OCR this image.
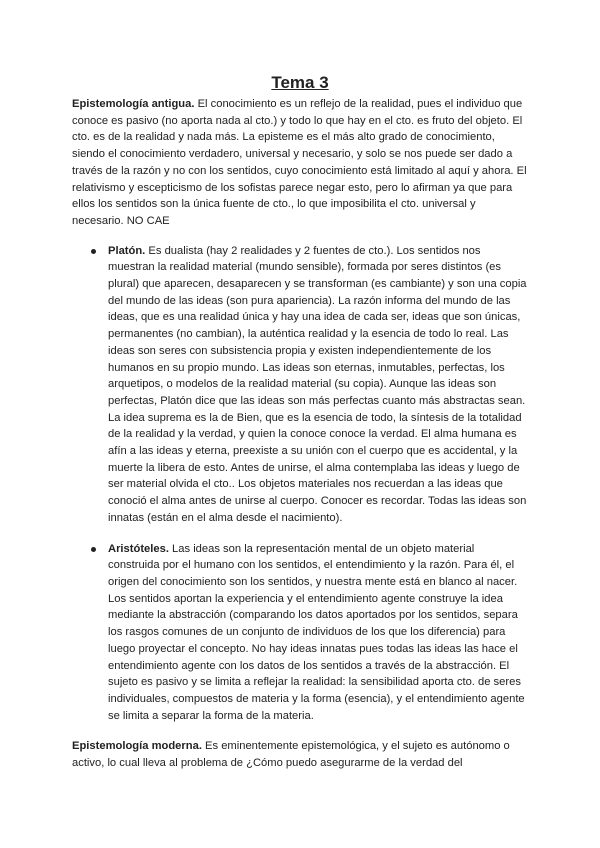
Tema 3

Epistemología antigua. El conocimiento es un reflejo de la realidad, pues el individuo que conoce es pasivo (no aporta nada al cto.) y todo lo que hay en el cto. es fruto del objeto. El cto. es de la realidad y nada más. La episteme es el más alto grado de conocimiento, siendo el conocimiento verdadero, universal y necesario, y solo se nos puede ser dado a través de la razón y no con los sentidos, cuyo conocimiento está limitado al aquí y ahora. El relativismo y escepticismo de los sofistas parece negar esto, pero lo afirman ya que para ellos los sentidos son la única fuente de cto., lo que imposibilita el cto. universal y necesario. NO CAE

Platón. Es dualista (hay 2 realidades y 2 fuentes de cto.). Los sentidos nos muestran la realidad material (mundo sensible), formada por seres distintos (es plural) que aparecen, desaparecen y se transforman (es cambiante) y son una copia del mundo de las ideas (son pura apariencia). La razón informa del mundo de las ideas, que es una realidad única y hay una idea de cada ser, ideas que son únicas, permanentes (no cambian), la auténtica realidad y la esencia de todo lo real. Las ideas son seres con subsistencia propia y existen independientemente de los humanos en su propio mundo. Las ideas son eternas, inmutables, perfectas, los arquetipos, o modelos de la realidad material (su copia). Aunque las ideas son perfectas, Platón dice que las ideas son más perfectas cuanto más abstractas sean. La idea suprema es la de Bien, que es la esencia de todo, la síntesis de la totalidad de la realidad y la verdad, y quien la conoce conoce la verdad. El alma humana es afín a las ideas y eterna, preexiste a su unión con el cuerpo que es accidental, y la muerte la libera de esto. Antes de unirse, el alma contemplaba las ideas y luego de ser material olvida el cto.. Los objetos materiales nos recuerdan a las ideas que conoció el alma antes de unirse al cuerpo. Conocer es recordar. Todas las ideas son innatas (están en el alma desde el nacimiento).

Aristóteles. Las ideas son la representación mental de un objeto material construida por el humano con los sentidos, el entendimiento y la razón. Para él, el origen del conocimiento son los sentidos, y nuestra mente está en blanco al nacer. Los sentidos aportan la experiencia y el entendimiento agente construye la idea mediante la abstracción (comparando los datos aportados por los sentidos, separa los rasgos comunes de un conjunto de individuos de los que los diferencia) para luego proyectar el concepto. No hay ideas innatas pues todas las ideas las hace el entendimiento agente con los datos de los sentidos a través de la abstracción. El sujeto es pasivo y se limita a reflejar la realidad: la sensibilidad aporta cto. de seres individuales, compuestos de materia y la forma (esencia), y el entendimiento agente se limita a separar la forma de la materia.

Epistemología moderna. Es eminentemente epistemológica, y el sujeto es autónomo o activo, lo cual lleva al problema de ¿Cómo puedo asegurarme de la verdad del
